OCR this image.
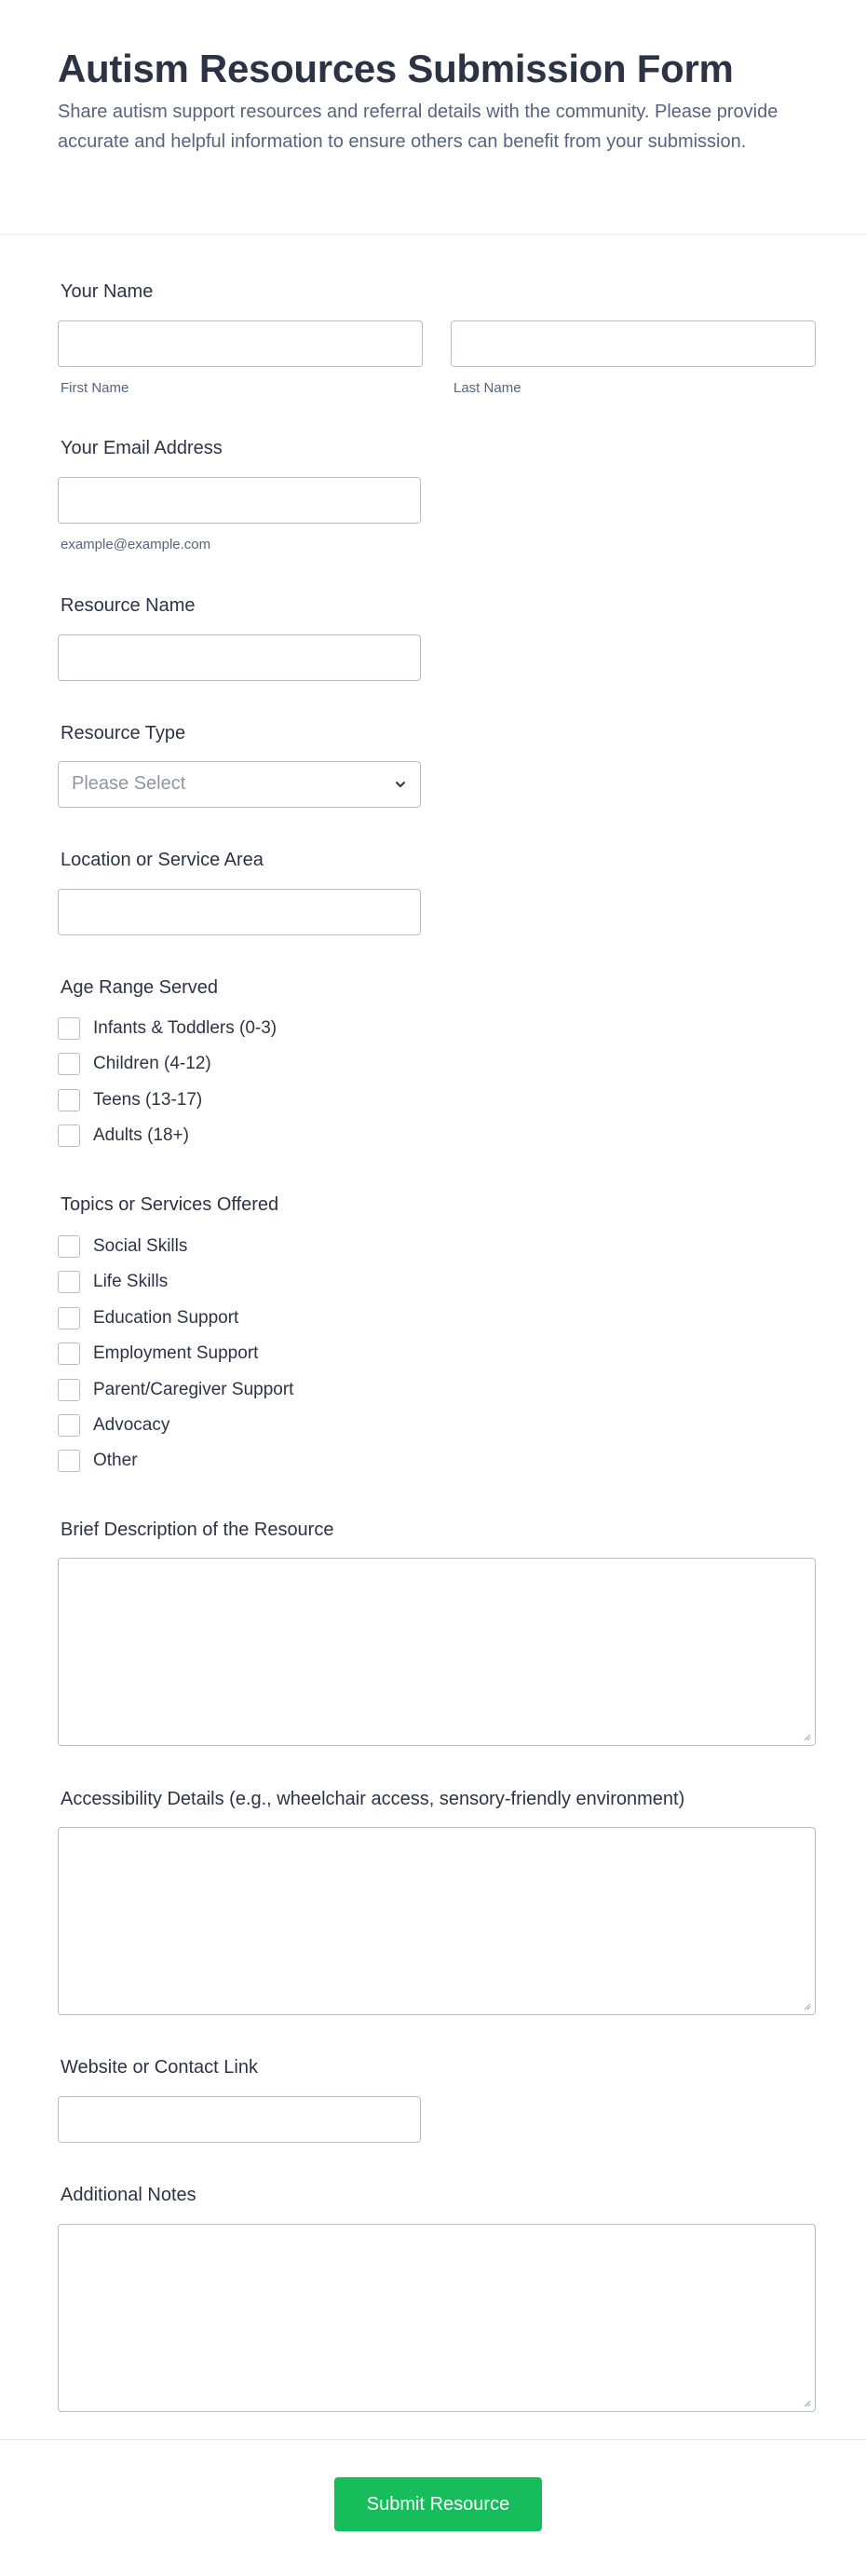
Autism Resources Submission Form
Share autism support resources and referral details with the community. Please provide accurate and helpful information to ensure others can benefit from your submission.
Your Name
First Name	Last Name
Your Email Address
example@example.com
Resource Name
Resource Type
Please Select
Location or Service Area
Age Range Served
Infants & Toddlers (0-3)
Children (4-12)
Teens (13-17)
Adults (18+)
Topics or Services Offered
Social Skills
Life Skills
Education Support
Employment Support
Parent/Caregiver Support
Advocacy
Other
Brief Description of the Resource
Accessibility Details (e.g., wheelchair access, sensory-friendly environment)
Website or Contact Link
Additional Notes
Submit Resource
